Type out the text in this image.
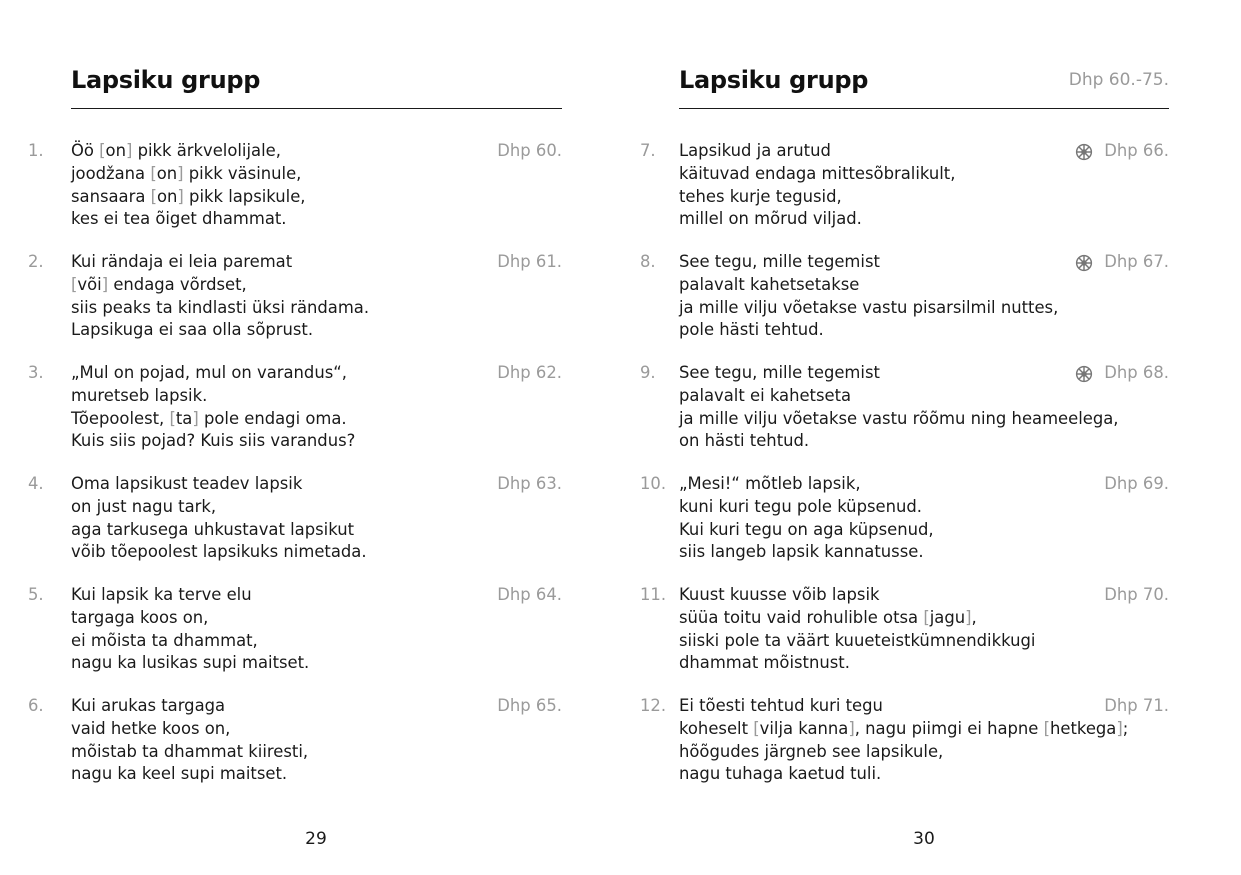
Lapsiku grupp
1.	Öö [on] pikk ärkvelolijale,
joodžana [on] pikk väsinule,
sansaara [on] pikk lapsikule,
kes ei tea õiget dhammat.
Dhp 60.
2.	Kui rändaja ei leia paremat
[või] endaga võrdset,
siis peaks ta kindlasti üksi rändama.
Lapsikuga ei saa olla sõprust.
Dhp 61.
3.	„Mul on pojad, mul on varandus“,
muretseb lapsik.
Tõepoolest, [ta] pole endagi oma.
Kuis siis pojad? Kuis siis varandus?
Dhp 62.
4.	Oma lapsikust teadev lapsik
on just nagu tark,
aga tarkusega uhkustavat lapsikut
võib tõepoolest lapsikuks nimetada.
Dhp 63.
5.	Kui lapsik ka terve elu
targaga koos on,
ei mõista ta dhammat,
nagu ka lusikas supi maitset.
Dhp 64.
6.	Kui arukas targaga
vaid hetke koos on,
mõistab ta dhammat kiiresti,
nagu ka keel supi maitset.
Dhp 65.
29
Lapsiku grupp	Dhp 60.-75.
7.	Lapsikud ja arutud
käituvad endaga mittesõbralikult,
tehes kurje tegusid,
millel on mõrud viljad.
Dhp 66.
8.	See tegu, mille tegemist
palavalt kahetsetakse
ja mille vilju võetakse vastu pisarsilmil nuttes,
pole hästi tehtud.
Dhp 67.
9.	See tegu, mille tegemist
palavalt ei kahetseta
ja mille vilju võetakse vastu rõõmu ning heameelega,
on hästi tehtud.
Dhp 68.
10. „Mesi!“ mõtleb lapsik,
kuni kuri tegu pole küpsenud.
Kui kuri tegu on aga küpsenud,
siis langeb lapsik kannatusse.
Dhp 69.
11. Kuust kuusse võib lapsik
süüa toitu vaid rohulible otsa [jagu],
siiski pole ta väärt kuueteistkümnendikkugi
dhammat mõistnust.
Dhp 70.
12. Ei tõesti tehtud kuri tegu
koheselt [vilja kanna], nagu piimgi ei hapne [hetkega];
hõõgudes järgneb see lapsikule,
nagu tuhaga kaetud tuli.
Dhp 71.
30
